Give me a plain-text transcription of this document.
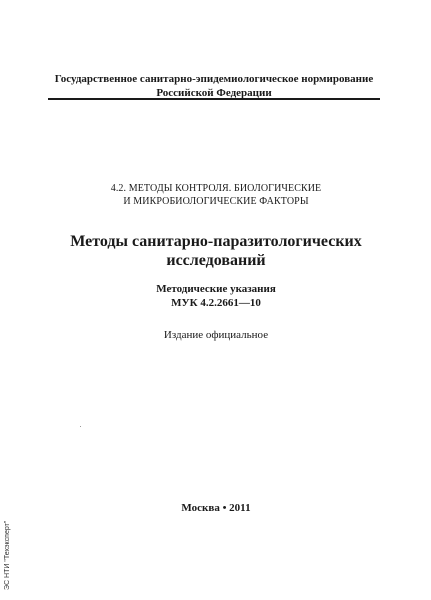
Государственное санитарно-эпидемиологическое нормирование
Российской Федерации
4.2. МЕТОДЫ КОНТРОЛЯ. БИОЛОГИЧЕСКИЕ
И МИКРОБИОЛОГИЧЕСКИЕ ФАКТОРЫ
Методы санитарно-паразитологических
исследований
Методические указания
МУК 4.2.2661—10
Издание официальное
Москва • 2011
ЭС НТИ "Техэксперт"
